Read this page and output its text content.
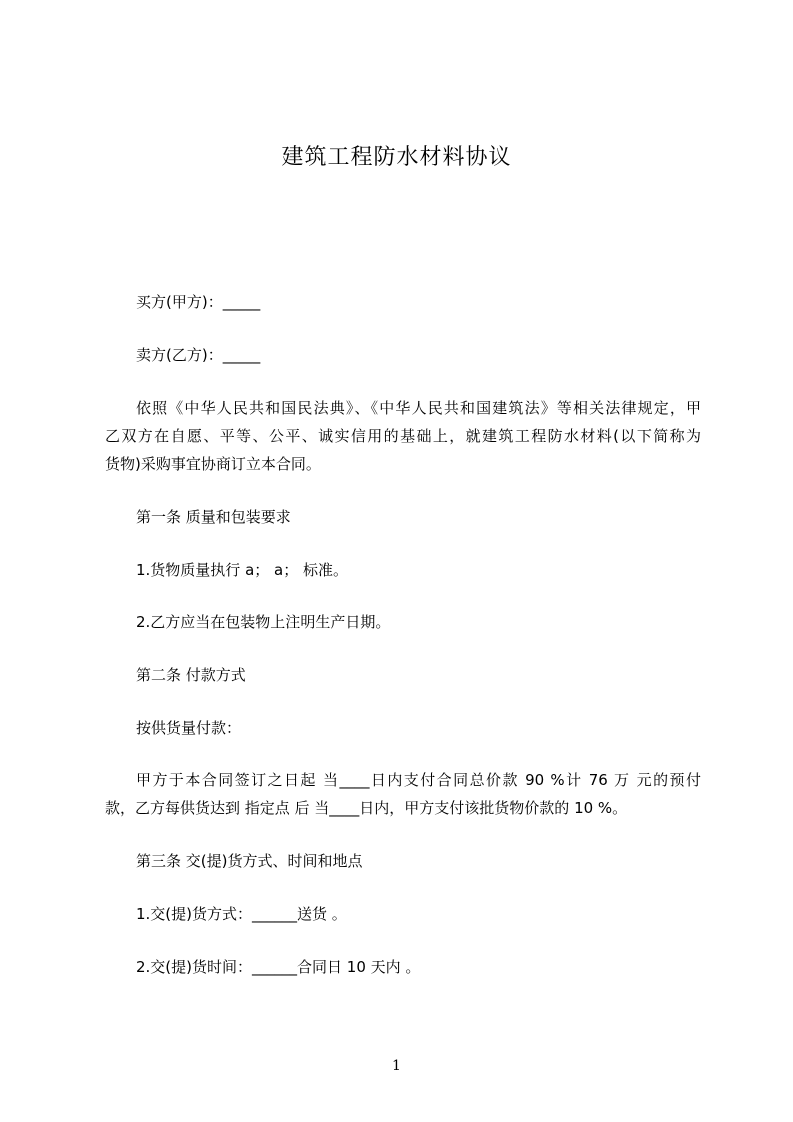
建筑工程防水材料协议
买方(甲方)：_____
卖方(乙方)：_____
依照《中华人民共和国民法典》、《中华人民共和国建筑法》等相关法律规定，甲
乙双方在自愿、平等、公平、诚实信用的基础上，就建筑工程防水材料(以下简称为
货物)采购事宜协商订立本合同。
第一条 质量和包装要求
1.货物质量执行 a； a； 标准。
2.乙方应当在包装物上注明生产日期。
第二条 付款方式
按供货量付款：
甲方于本合同签订之日起 当____日内支付合同总价款 90 %计 76 万 元的预付
款，乙方每供货达到 指定点 后 当____日内，甲方支付该批货物价款的 10 %。
第三条 交(提)货方式、时间和地点
1.交(提)货方式：______送货 。
2.交(提)货时间：______合同日 10 天内 。
1
